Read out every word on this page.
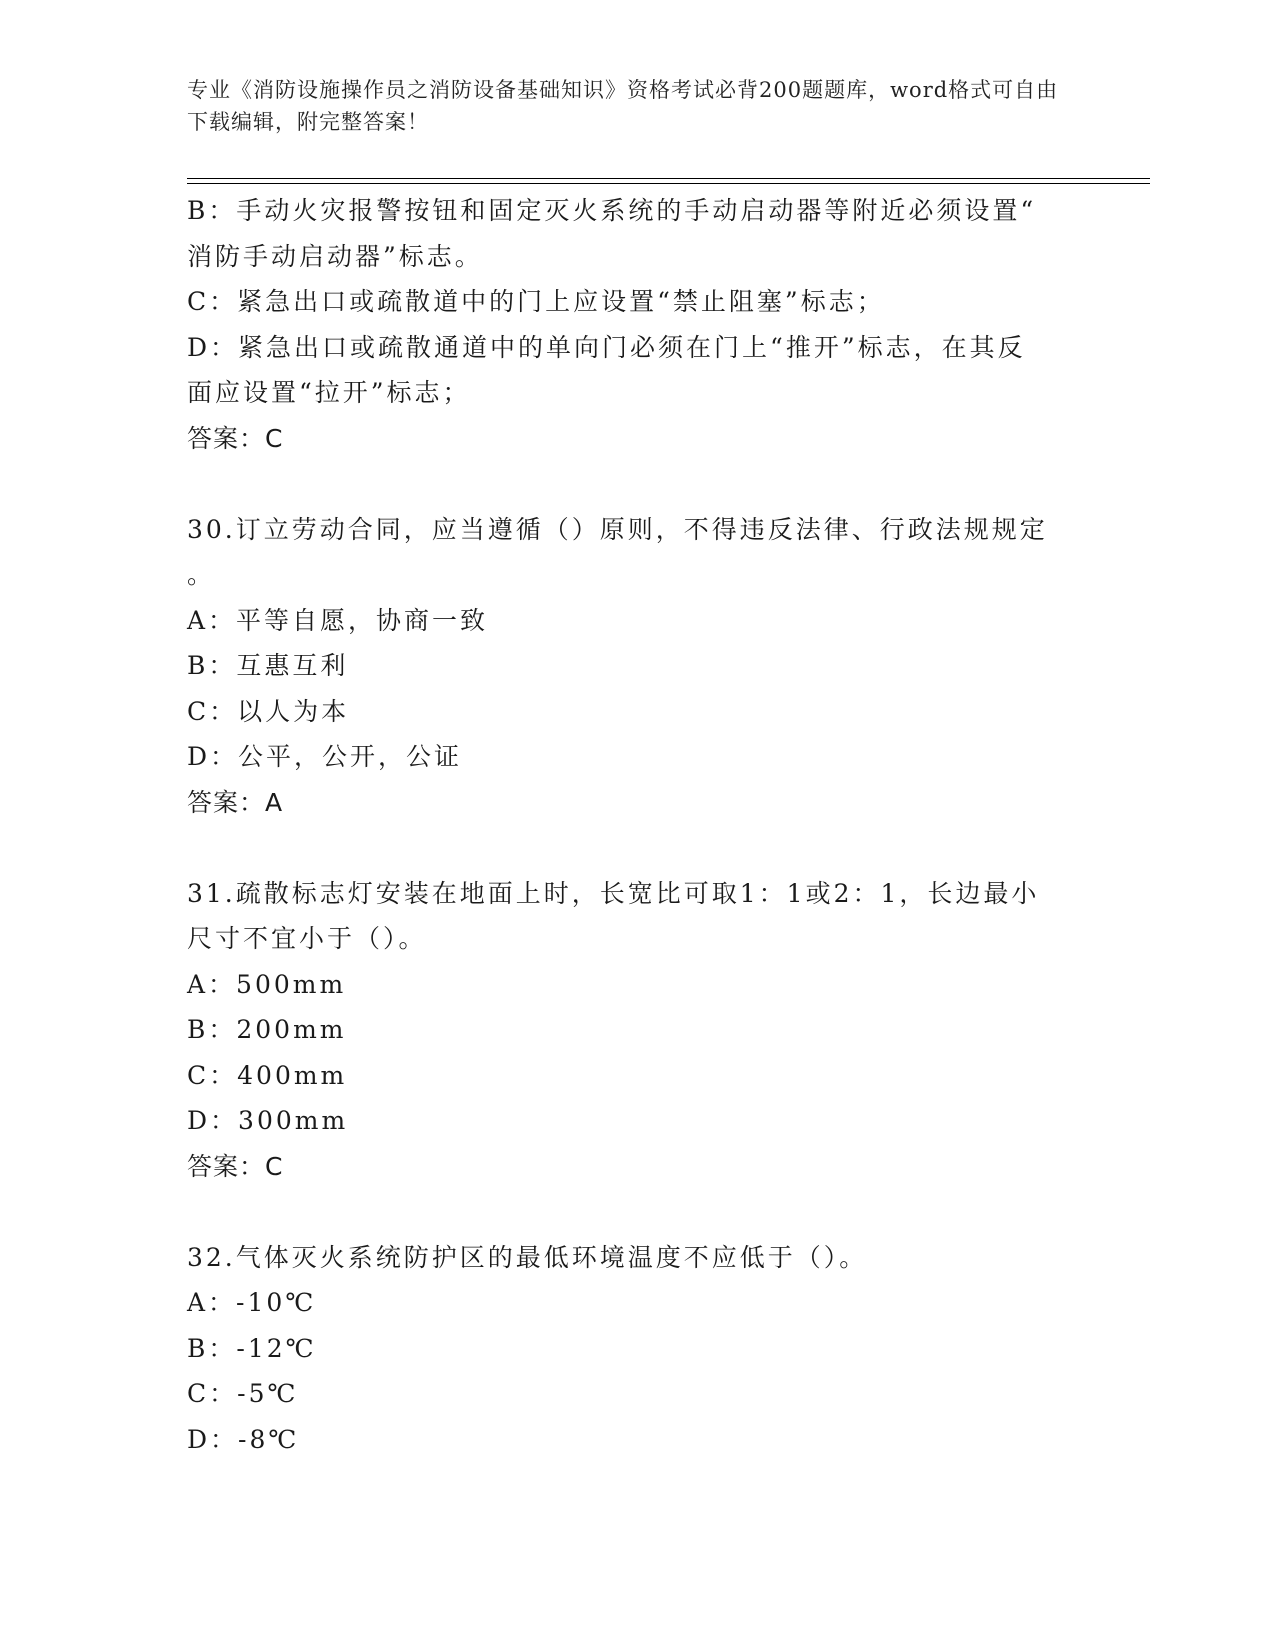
专业《消防设施操作员之消防设备基础知识》资格考试必背200题题库，word格式可自由下载编辑，附完整答案！
B：手动火灾报警按钮和固定灭火系统的手动启动器等附近必须设置“
消防手动启动器”标志。
C：紧急出口或疏散道中的门上应设置“禁止阻塞”标志；
D：紧急出口或疏散通道中的单向门必须在门上“推开”标志，在其反
面应设置“拉开”标志；
答案：C
30.订立劳动合同，应当遵循（）原则，不得违反法律、行政法规规定
。
A：平等自愿，协商一致
B：互惠互利
C：以人为本
D：公平，公开，公证
答案：A
31.疏散标志灯安装在地面上时，长宽比可取1：1或2：1，长边最小
尺寸不宜小于（）。
A：500mm
B：200mm
C：400mm
D：300mm
答案：C
32.气体灭火系统防护区的最低环境温度不应低于（）。
A：-10℃
B：-12℃
C：-5℃
D：-8℃
